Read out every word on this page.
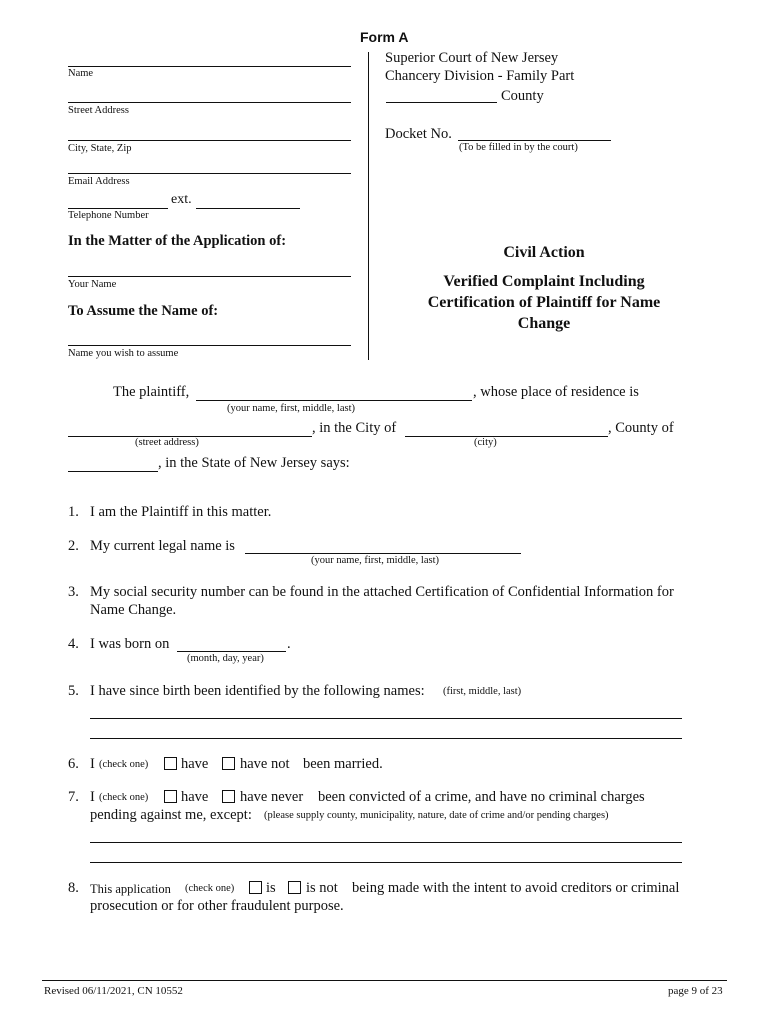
Form A
Name
Street Address
City, State, Zip
Email Address
ext.
Telephone Number
In the Matter of the Application of:
Your Name
To Assume the Name of:
Name you wish to assume
Superior Court of New Jersey
Chancery Division - Family Part
County
Docket No.
(To be filled in by the court)
Civil Action
Verified Complaint Including
Certification of Plaintiff for Name
Change
The plaintiff,	, whose place of residence is
(your name, first, middle, last)
, in the City of	, County of
(street address)	(city)
, in the State of New Jersey says:
1. I am the Plaintiff in this matter.
2. My current legal name is
(your name, first, middle, last)
3. My social security number can be found in the attached Certification of Confidential Information for
Name Change.
4. I was born on	.
(month, day, year)
5. I have since birth been identified by the following names: (first, middle, last)
6. I (check one) have have not been married.
7. I (check one) have have never been convicted of a crime, and have no criminal charges
pending against me, except: (please supply county, municipality, nature, date of crime and/or pending charges)
8. This application (check one) is is not being made with the intent to avoid creditors or criminal
prosecution or for other fraudulent purpose.
Revised 06/11/2021, CN 10552	page 9 of 23
